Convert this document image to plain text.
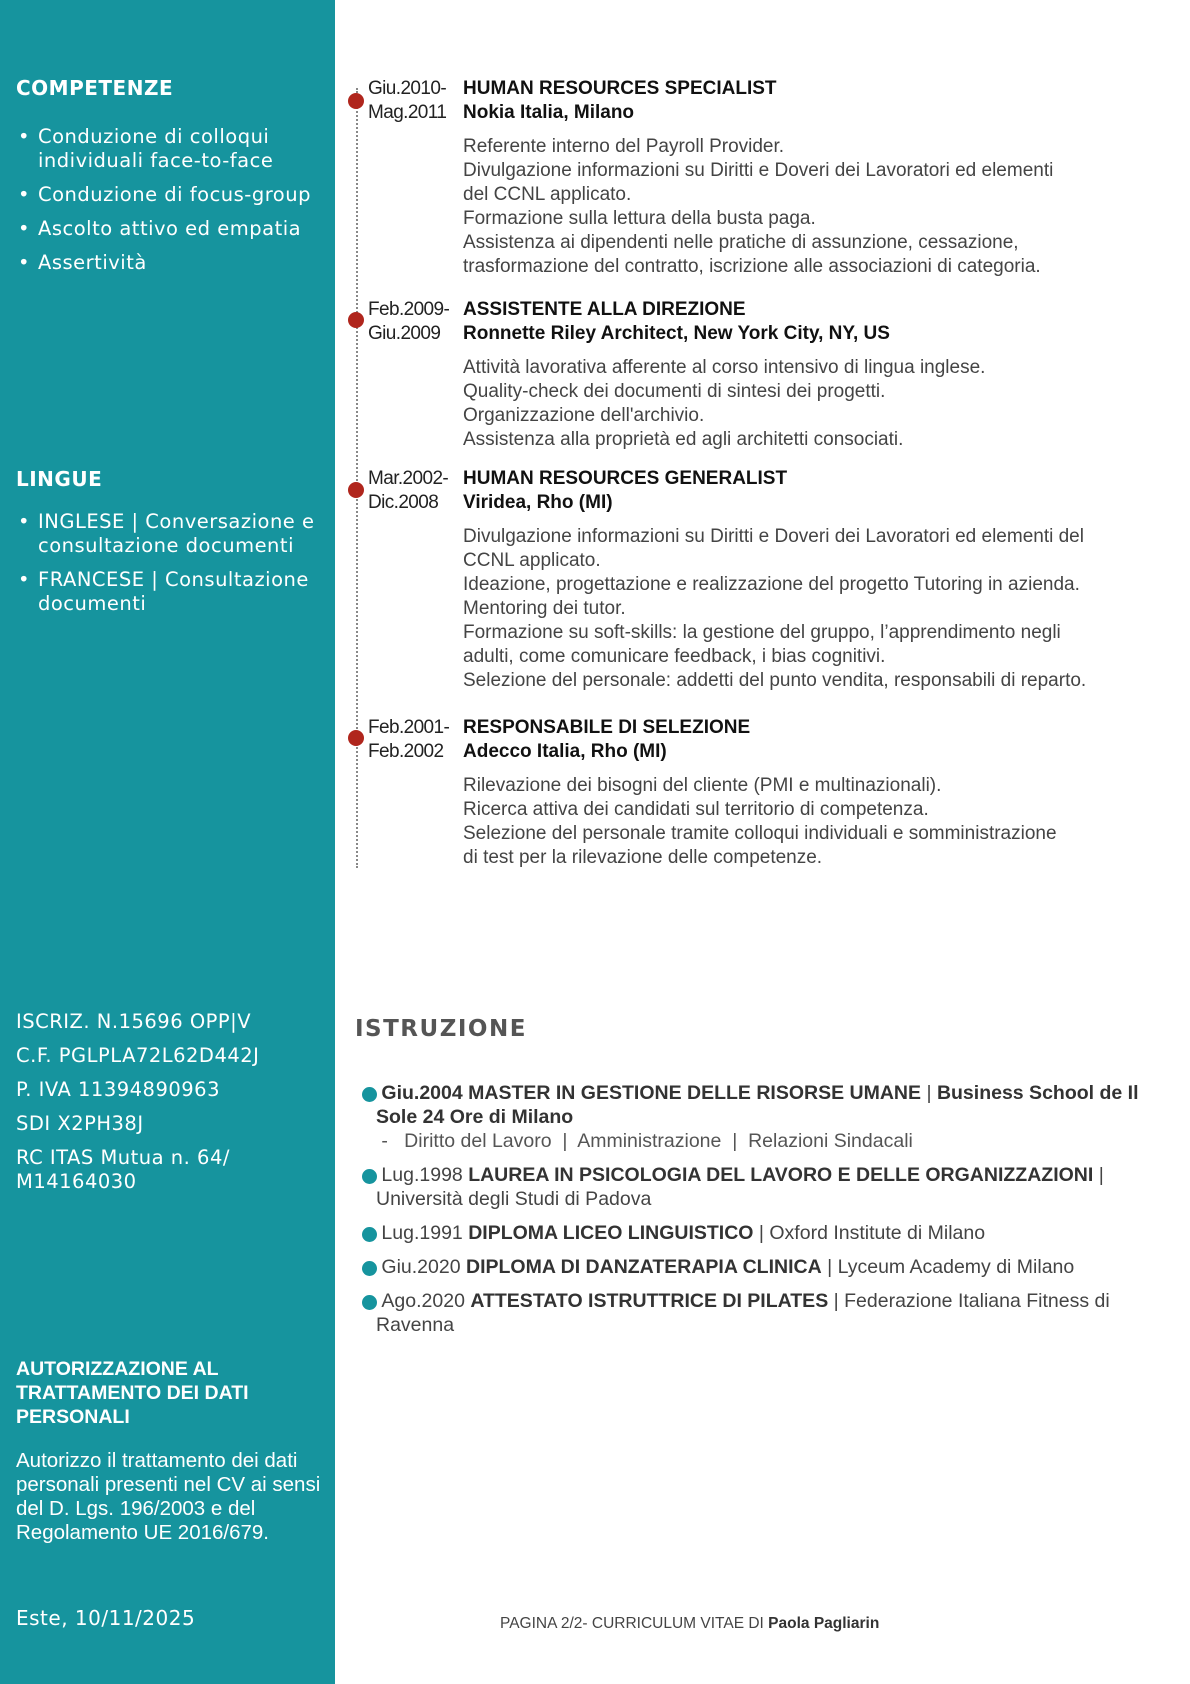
COMPETENZE
• Conduzione di colloqui individuali face-to-face
• Conduzione di focus-group
• Ascolto attivo ed empatia
• Assertività
LINGUE
• INGLESE | Conversazione e consultazione documenti
• FRANCESE | Consultazione documenti
ISCRIZ. N.15696 OPP|V
C.F. PGLPLA72L62D442J
P. IVA 11394890963
SDI X2PH38J
RC ITAS Mutua n. 64/ M14164030
AUTORIZZAZIONE AL TRATTAMENTO DEI DATI PERSONALI
Autorizzo il trattamento dei dati personali presenti nel CV ai sensi del D. Lgs. 196/2003 e del Regolamento UE 2016/679.
Este, 10/11/2025
Giu.2010-
Mag.2011
HUMAN RESOURCES SPECIALIST
Nokia Italia, Milano
Referente interno del Payroll Provider.
Divulgazione informazioni su Diritti e Doveri dei Lavoratori ed elementi
del CCNL applicato.
Formazione sulla lettura della busta paga.
Assistenza ai dipendenti nelle pratiche di assunzione, cessazione,
trasformazione del contratto, iscrizione alle associazioni di categoria.
Feb.2009-
Giu.2009
ASSISTENTE ALLA DIREZIONE
Ronnette Riley Architect, New York City, NY, US
Attività lavorativa afferente al corso intensivo di lingua inglese.
Quality-check dei documenti di sintesi dei progetti.
Organizzazione dell'archivio.
Assistenza alla proprietà ed agli architetti consociati.
Mar.2002-
Dic.2008
HUMAN RESOURCES GENERALIST
Viridea, Rho (MI)
Divulgazione informazioni su Diritti e Doveri dei Lavoratori ed elementi del
CCNL applicato.
Ideazione, progettazione e realizzazione del progetto Tutoring in azienda.
Mentoring dei tutor.
Formazione su soft-skills: la gestione del gruppo, l’apprendimento negli
adulti, come comunicare feedback, i bias cognitivi.
Selezione del personale: addetti del punto vendita, responsabili di reparto.
Feb.2001-
Feb.2002
RESPONSABILE DI SELEZIONE
Adecco Italia, Rho (MI)
Rilevazione dei bisogni del cliente (PMI e multinazionali).
Ricerca attiva dei candidati sul territorio di competenza.
Selezione del personale tramite colloqui individuali e somministrazione
di test per la rilevazione delle competenze.
ISTRUZIONE
Giu.2004 MASTER IN GESTIONE DELLE RISORSE UMANE | Business School de Il Sole 24 Ore di Milano
-   Diritto del Lavoro  |  Amministrazione  |  Relazioni Sindacali
Lug.1998 LAUREA IN PSICOLOGIA DEL LAVORO E DELLE ORGANIZZAZIONI | Università degli Studi di Padova
Lug.1991 DIPLOMA LICEO LINGUISTICO | Oxford Institute di Milano
Giu.2020 DIPLOMA DI DANZATERAPIA CLINICA | Lyceum Academy di Milano
Ago.2020 ATTESTATO ISTRUTTRICE DI PILATES | Federazione Italiana Fitness di Ravenna
PAGINA 2/2- CURRICULUM VITAE DI Paola Pagliarin
